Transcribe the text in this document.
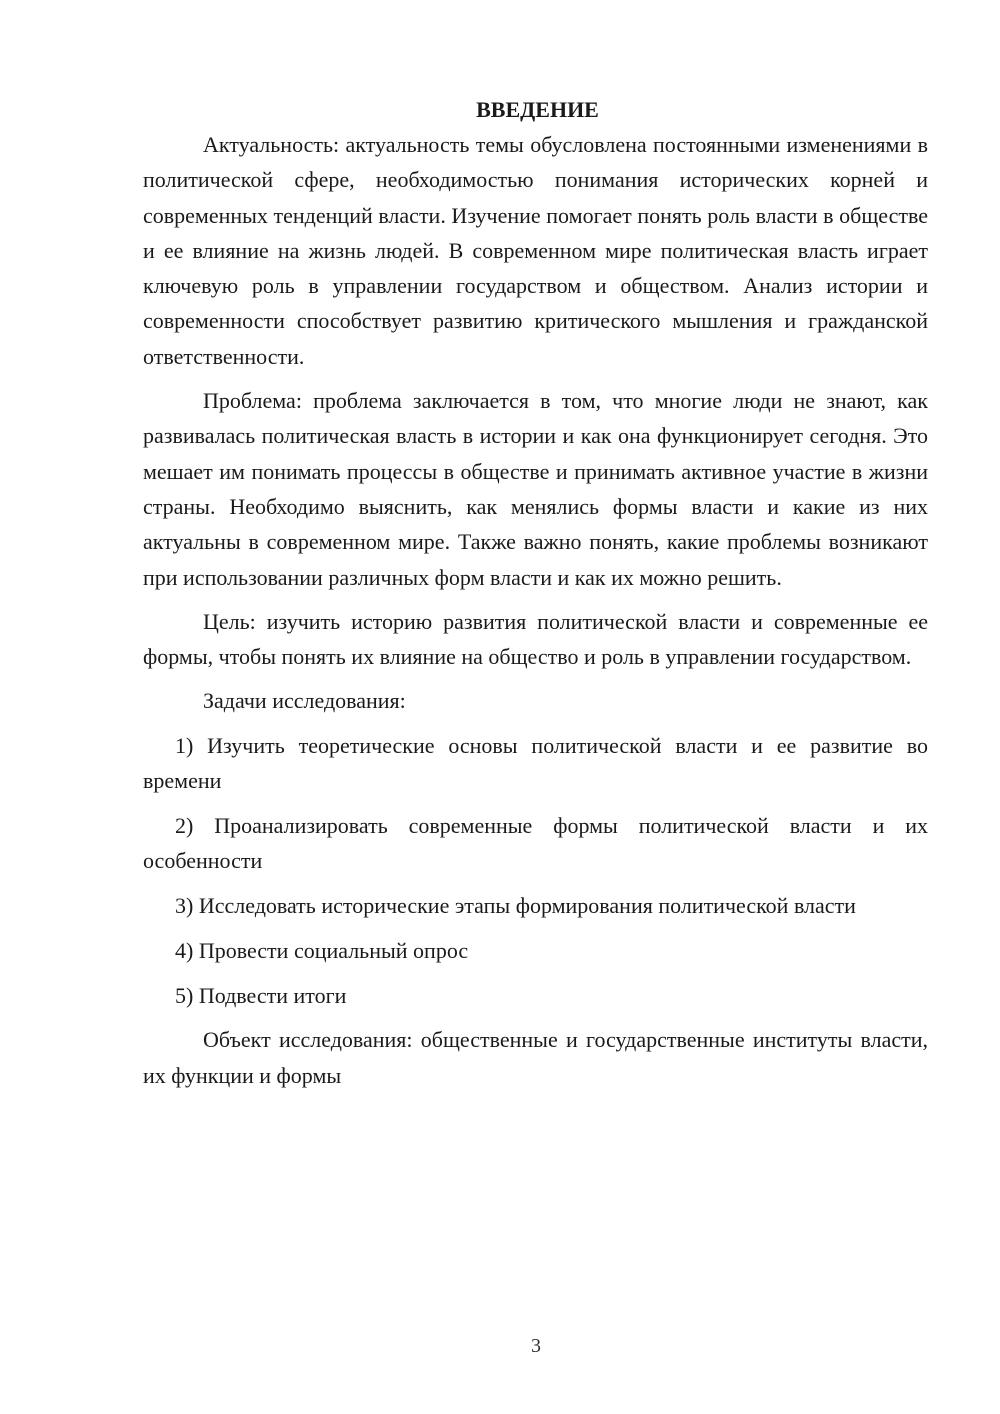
ВВЕДЕНИЕ

Актуальность: актуальность темы обусловлена постоянными изменениями в политической сфере, необходимостью понимания исторических корней и современных тенденций власти. Изучение помогает понять роль власти в обществе и ее влияние на жизнь людей. В современном мире политическая власть играет ключевую роль в управлении государством и обществом. Анализ истории и современности способствует развитию критического мышления и гражданской ответственности.

Проблема: проблема заключается в том, что многие люди не знают, как развивалась политическая власть в истории и как она функционирует сегодня. Это мешает им понимать процессы в обществе и принимать активное участие в жизни страны. Необходимо выяснить, как менялись формы власти и какие из них актуальны в современном мире. Также важно понять, какие проблемы возникают при использовании различных форм власти и как их можно решить.

Цель: изучить историю развития политической власти и современные ее формы, чтобы понять их влияние на общество и роль в управлении государством.

Задачи исследования:

1) Изучить теоретические основы политической власти и ее развитие во времени

2) Проанализировать современные формы политической власти и их особенности

3) Исследовать исторические этапы формирования политической власти

4) Провести социальный опрос

5) Подвести итоги

Объект исследования: общественные и государственные институты власти, их функции и формы

3
